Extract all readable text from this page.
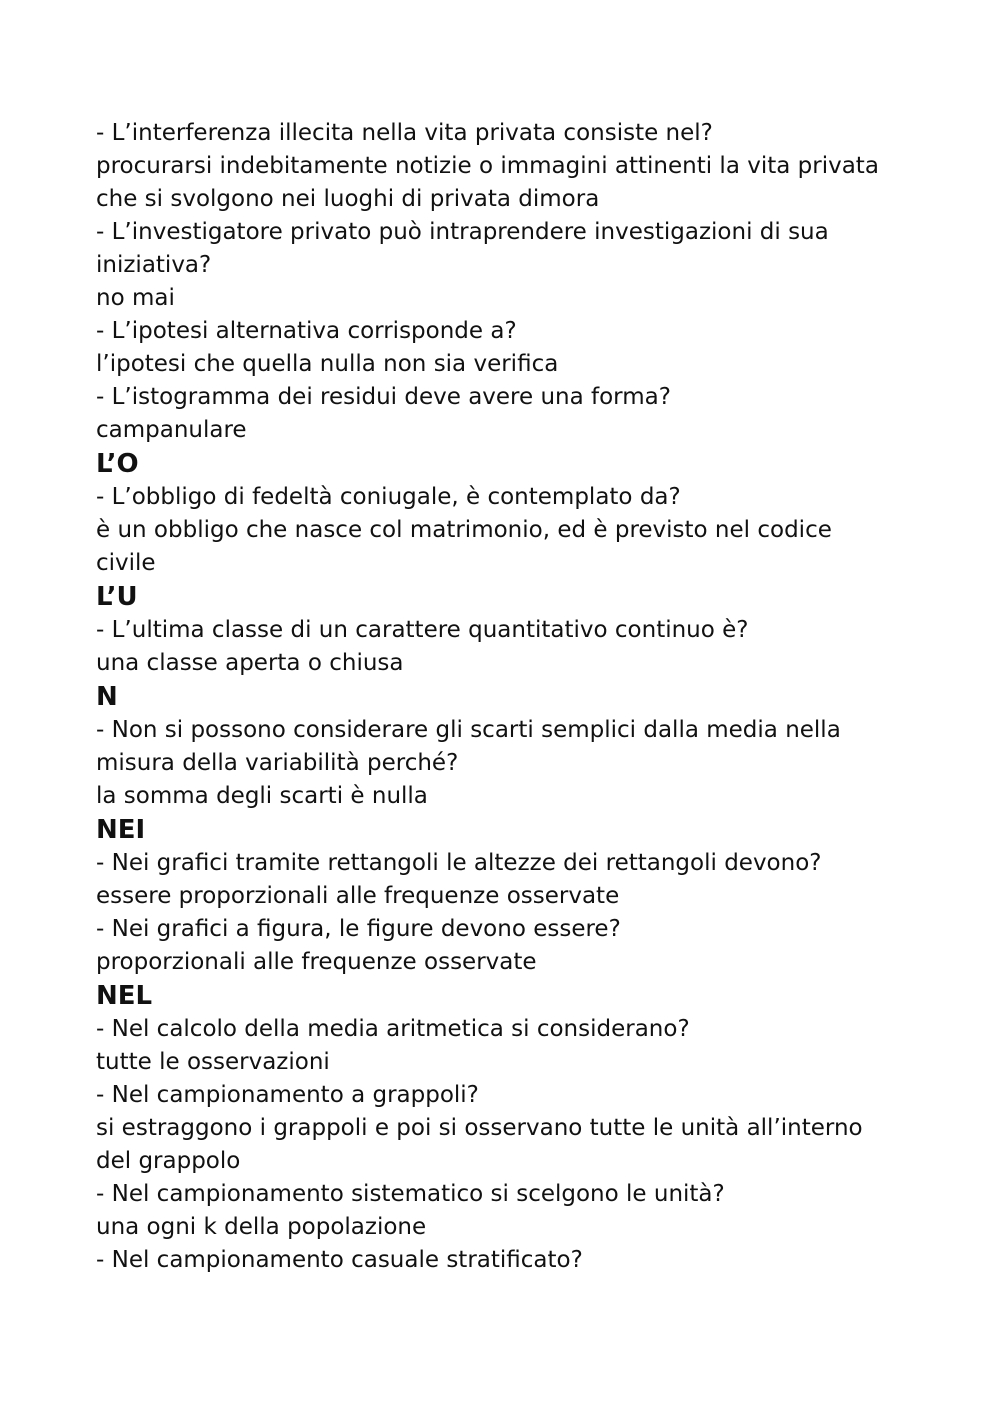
- L’interferenza illecita nella vita privata consiste nel?
procurarsi indebitamente notizie o immagini attinenti la vita privata
che si svolgono nei luoghi di privata dimora
- L’investigatore privato può intraprendere investigazioni di sua
iniziativa?
no mai
- L’ipotesi alternativa corrisponde a?
l’ipotesi che quella nulla non sia verifica
- L’istogramma dei residui deve avere una forma?
campanulare
L’O
- L’obbligo di fedeltà coniugale, è contemplato da?
è un obbligo che nasce col matrimonio, ed è previsto nel codice
civile
L’U
- L’ultima classe di un carattere quantitativo continuo è?
una classe aperta o chiusa
N
- Non si possono considerare gli scarti semplici dalla media nella
misura della variabilità perché?
la somma degli scarti è nulla
NEI
- Nei grafici tramite rettangoli le altezze dei rettangoli devono?
essere proporzionali alle frequenze osservate
- Nei grafici a figura, le figure devono essere?
proporzionali alle frequenze osservate
NEL
- Nel calcolo della media aritmetica si considerano?
tutte le osservazioni
- Nel campionamento a grappoli?
si estraggono i grappoli e poi si osservano tutte le unità all’interno
del grappolo
- Nel campionamento sistematico si scelgono le unità?
una ogni k della popolazione
- Nel campionamento casuale stratificato?
